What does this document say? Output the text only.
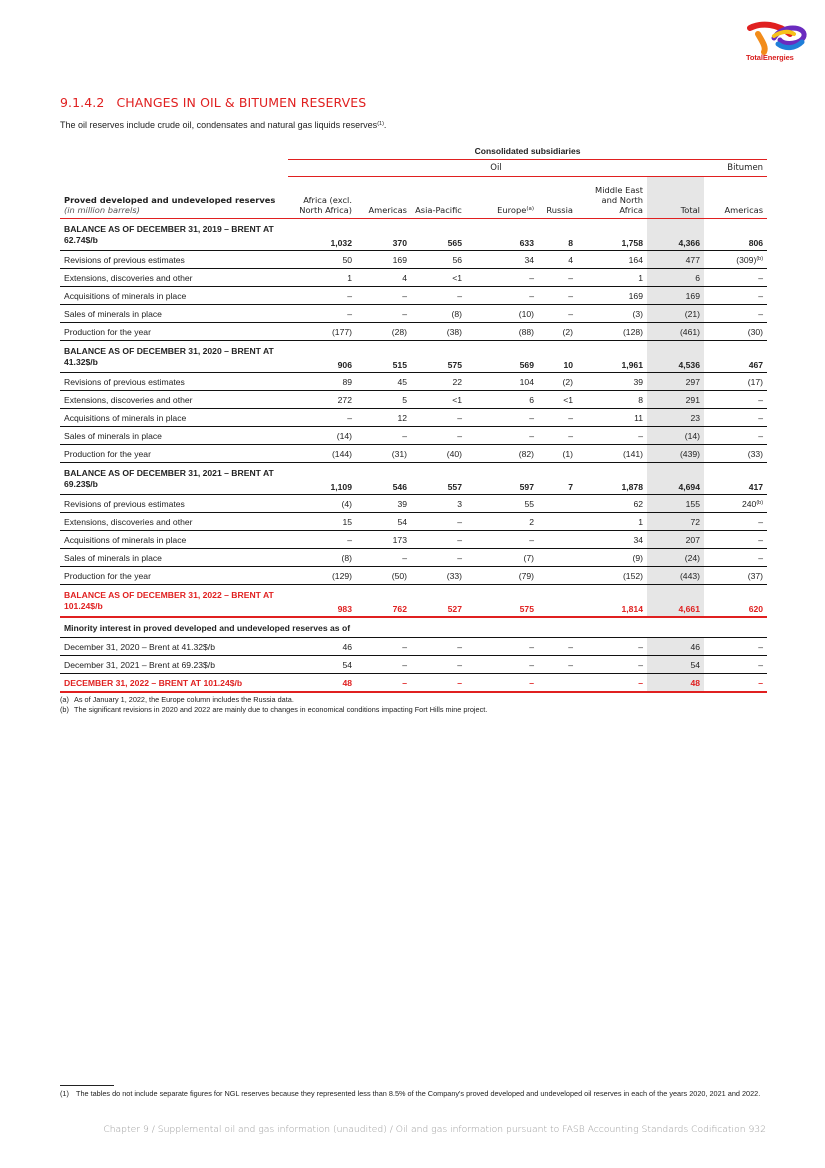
TotalEnergies
9.1.4.2 CHANGES IN OIL & BITUMEN RESERVES
The oil reserves include crude oil, condensates and natural gas liquids reserves$^{(1)}$.
	Consolidated subsidiaries							
	Oil							Bitumen
Proved developed and undeveloped reserves
(in million barrels)	Africa (excl. North Africa)	Americas	Asia-Pacific	Europe$^{(a)}$	Russia	Middle East and North Africa	Total	Americas
BALANCE AS OF DECEMBER 31, 2019 – BRENT AT 62.74$/b	1,032	370	565	633	8	1,758	4,366	806
Revisions of previous estimates	50	169	56	34	4	164	477	$(309)^{(b)}$
Extensions, discoveries and other	1	4	<1	–	–	1	6	–
Acquisitions of minerals in place	–	–	–	–	–	169	169	–
Sales of minerals in place	–	–	(8)	(10)	–	(3)	(21)	–
Production for the year	(177)	(28)	(38)	(88)	(2)	(128)	(461)	(30)
BALANCE AS OF DECEMBER 31, 2020 – BRENT AT 41.32$/b	906	515	575	569	10	1,961	4,536	467
Revisions of previous estimates	89	45	22	104	(2)	39	297	(17)
Extensions, discoveries and other	272	5	<1	6	<1	8	291	–
Acquisitions of minerals in place	–	12	–	–	–	11	23	–
Sales of minerals in place	(14)	–	–	–	–	–	(14)	–
Production for the year	(144)	(31)	(40)	(82)	(1)	(141)	(439)	(33)
BALANCE AS OF DECEMBER 31, 2021 – BRENT AT 69.23$/b	1,109	546	557	597	7	1,878	4,694	417
Revisions of previous estimates	(4)	39	3	55		62	155	240$^{(b)}$
Extensions, discoveries and other	15	54	–	2		1	72	–
Acquisitions of minerals in place	–	173	–	–		34	207	–
Sales of minerals in place	(8)	–	–	(7)		(9)	(24)	–
Production for the year	(129)	(50)	(33)	(79)		(152)	(443)	(37)
BALANCE AS OF DECEMBER 31, 2022 – BRENT AT 101.24$/b	983	762	527	575		1,814	4,661	620
Minority interest in proved developed and undeveloped reserves as of								
December 31, 2020 – Brent at 41.32$/b	46	–	–	–	–	–	46	–
December 31, 2021 – Brent at 69.23$/b	54	–	–	–	–	–	54	–
DECEMBER 31, 2022 – BRENT AT 101.24$/b	48	–	–	–		–	48	–
(a) As of January 1, 2022, the Europe column includes the Russia data.
(b) The significant revisions in 2020 and 2022 are mainly due to changes in economical conditions impacting Fort Hills mine project.
(1) The tables do not include separate figures for NGL reserves because they represented less than 8.5% of the Company's proved developed and undeveloped oil reserves in each of the years 2020, 2021 and 2022.
Chapter 9 / Supplemental oil and gas information (unaudited) / Oil and gas information pursuant to FASB Accounting Standards Codification 932
